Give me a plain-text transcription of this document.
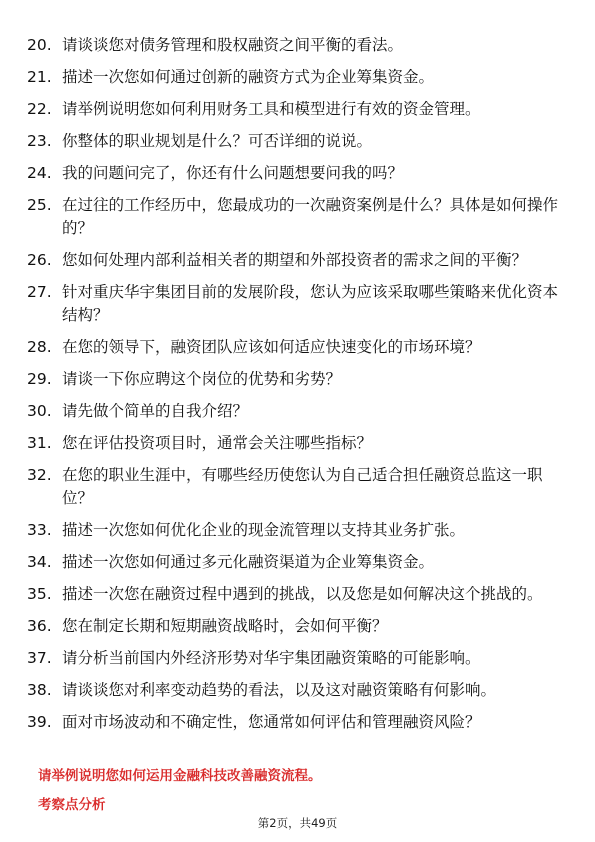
20. 请谈谈您对债务管理和股权融资之间平衡的看法。
21. 描述一次您如何通过创新的融资方式为企业筹集资金。
22. 请举例说明您如何利用财务工具和模型进行有效的资金管理。
23. 你整体的职业规划是什么？可否详细的说说。
24. 我的问题问完了，你还有什么问题想要问我的吗？
25. 在过往的工作经历中，您最成功的一次融资案例是什么？具体是如何操作的？
26. 您如何处理内部利益相关者的期望和外部投资者的需求之间的平衡？
27. 针对重庆华宇集团目前的发展阶段，您认为应该采取哪些策略来优化资本结构？
28. 在您的领导下，融资团队应该如何适应快速变化的市场环境？
29. 请谈一下你应聘这个岗位的优势和劣势？
30. 请先做个简单的自我介绍？
31. 您在评估投资项目时，通常会关注哪些指标？
32. 在您的职业生涯中，有哪些经历使您认为自己适合担任融资总监这一职位？
33. 描述一次您如何优化企业的现金流管理以支持其业务扩张。
34. 描述一次您如何通过多元化融资渠道为企业筹集资金。
35. 描述一次您在融资过程中遇到的挑战，以及您是如何解决这个挑战的。
36. 您在制定长期和短期融资战略时，会如何平衡？
37. 请分析当前国内外经济形势对华宇集团融资策略的可能影响。
38. 请谈谈您对利率变动趋势的看法，以及这对融资策略有何影响。
39. 面对市场波动和不确定性，您通常如何评估和管理融资风险？
请举例说明您如何运用金融科技改善融资流程。
考察点分析
第2页，共49页
